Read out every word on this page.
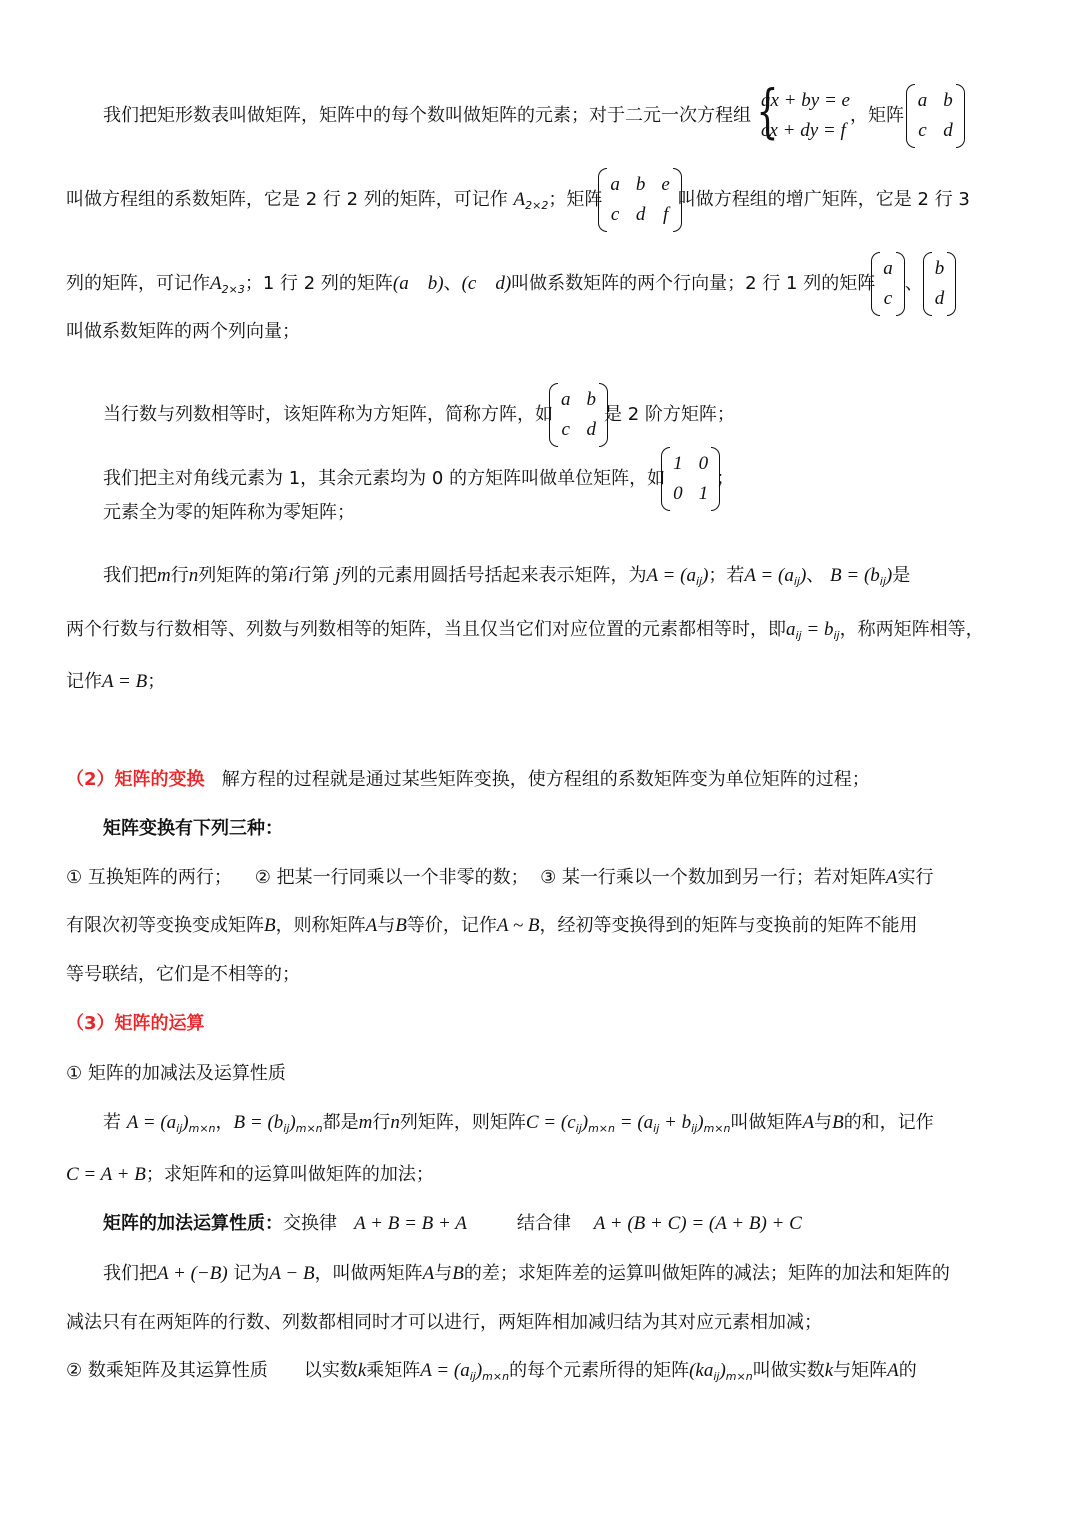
我们把矩形数表叫做矩阵，矩阵中的每个数叫做矩阵的元素；对于二元一次方程组 {
ax + by = e
cx + dy = f
，矩阵
a	b
c	d
叫做方程组的系数矩阵，它是 2 行 2 列的矩阵，可记作 $A_{2\times 2}$；矩阵
a	b	e
c	d	f
叫做方程组的增广矩阵，它是 2 行 3
列的矩阵，可记作$A_{2\times 3}$；1 行 2 列的矩阵(a    b)、(c    d)叫做系数矩阵的两个行向量；2 行 1 列的矩阵
a
c
、
b
d
叫做系数矩阵的两个列向量；
当行数与列数相等时，该矩阵称为方矩阵，简称方阵，如
a	b
c	d
是 2 阶方矩阵；
我们把主对角线元素为 1，其余元素均为 0 的方矩阵叫做单位矩阵，如
1	0
0	1
；
元素全为零的矩阵称为零矩阵；
我们把m行n列矩阵的第i行第 j列的元素用圆括号括起来表示矩阵，为$A = (a_{ij})$；若$A = (a_{ij})$、 $B = (b_{ij})$是
两个行数与行数相等、列数与列数相等的矩阵，当且仅当它们对应位置的元素都相等时，即$a_{ij} = b_{ij}$，称两矩阵相等，
记作A = B；
（2）矩阵的变换 解方程的过程就是通过某些矩阵变换，使方程组的系数矩阵变为单位矩阵的过程；
矩阵变换有下列三种：
① 互换矩阵的两行； ② 把某一行同乘以一个非零的数； ③ 某一行乘以一个数加到另一行；若对矩阵A实行
有限次初等变换变成矩阵B，则称矩阵A与B等价，记作A ~ B，经初等变换得到的矩阵与变换前的矩阵不能用
等号联结，它们是不相等的；
（3）矩阵的运算
① 矩阵的加减法及运算性质
若 $A = (a_{ij})_{m\times n}$，$B = (b_{ij})_{m\times n}$都是m行n列矩阵，则矩阵$C = (c_{ij})_{m\times n} = (a_{ij} + b_{ij})_{m\times n}$叫做矩阵A与B的和，记作
C = A + B；求矩阵和的运算叫做矩阵的加法；
矩阵的加法运算性质：交换律 A + B = B + A	结合律 A + (B + C) = (A + B) + C
我们把A + (−B) 记为A − B，叫做两矩阵A与B的差；求矩阵差的运算叫做矩阵的减法；矩阵的加法和矩阵的
减法只有在两矩阵的行数、列数都相同时才可以进行，两矩阵相加减归结为其对应元素相加减；
② 数乘矩阵及其运算性质 以实数k乘矩阵$A = (a_{ij})_{m\times n}$的每个元素所得的矩阵$(ka_{ij})_{m\times n}$叫做实数k与矩阵A的
